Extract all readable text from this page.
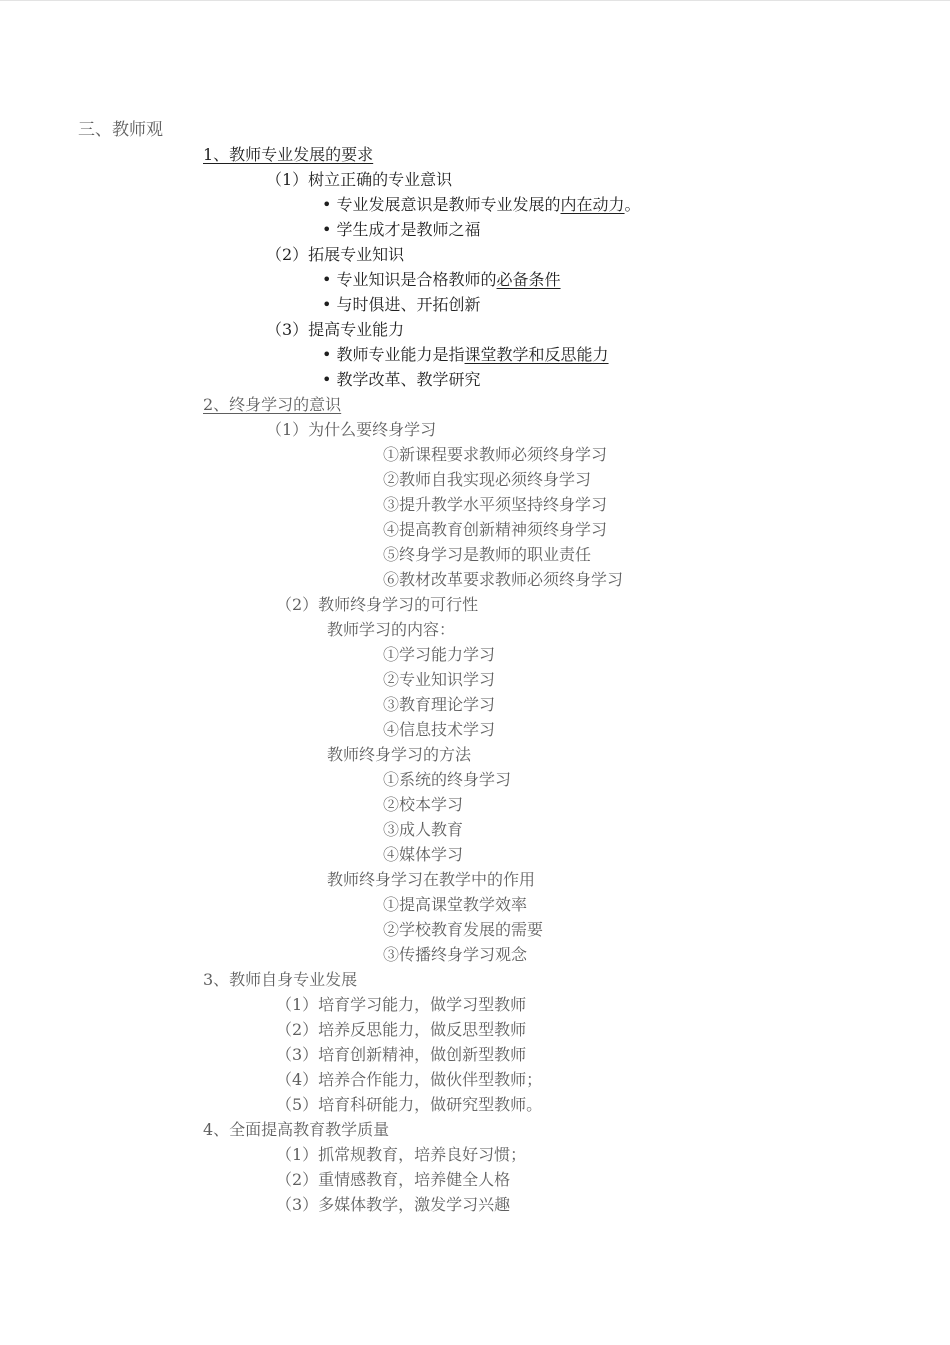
三、教师观
1、教师专业发展的要求
（1）树立正确的专业意识
• 专业发展意识是教师专业发展的内在动力。
• 学生成才是教师之福
（2）拓展专业知识
• 专业知识是合格教师的必备条件
• 与时俱进、开拓创新
（3）提高专业能力
• 教师专业能力是指课堂教学和反思能力
• 教学改革、教学研究
2、终身学习的意识
（1）为什么要终身学习
①新课程要求教师必须终身学习
②教师自我实现必须终身学习
③提升教学水平须坚持终身学习
④提高教育创新精神须终身学习
⑤终身学习是教师的职业责任
⑥教材改革要求教师必须终身学习
（2）教师终身学习的可行性
教师学习的内容：
①学习能力学习
②专业知识学习
③教育理论学习
④信息技术学习
教师终身学习的方法
①系统的终身学习
②校本学习
③成人教育
④媒体学习
教师终身学习在教学中的作用
①提高课堂教学效率
②学校教育发展的需要
③传播终身学习观念
3、教师自身专业发展
（1）培育学习能力，做学习型教师
（2）培养反思能力，做反思型教师
（3）培育创新精神，做创新型教师
（4）培养合作能力，做伙伴型教师；
（5）培育科研能力，做研究型教师。
4、全面提高教育教学质量
（1）抓常规教育，培养良好习惯；
（2）重情感教育，培养健全人格
（3）多媒体教学，激发学习兴趣
